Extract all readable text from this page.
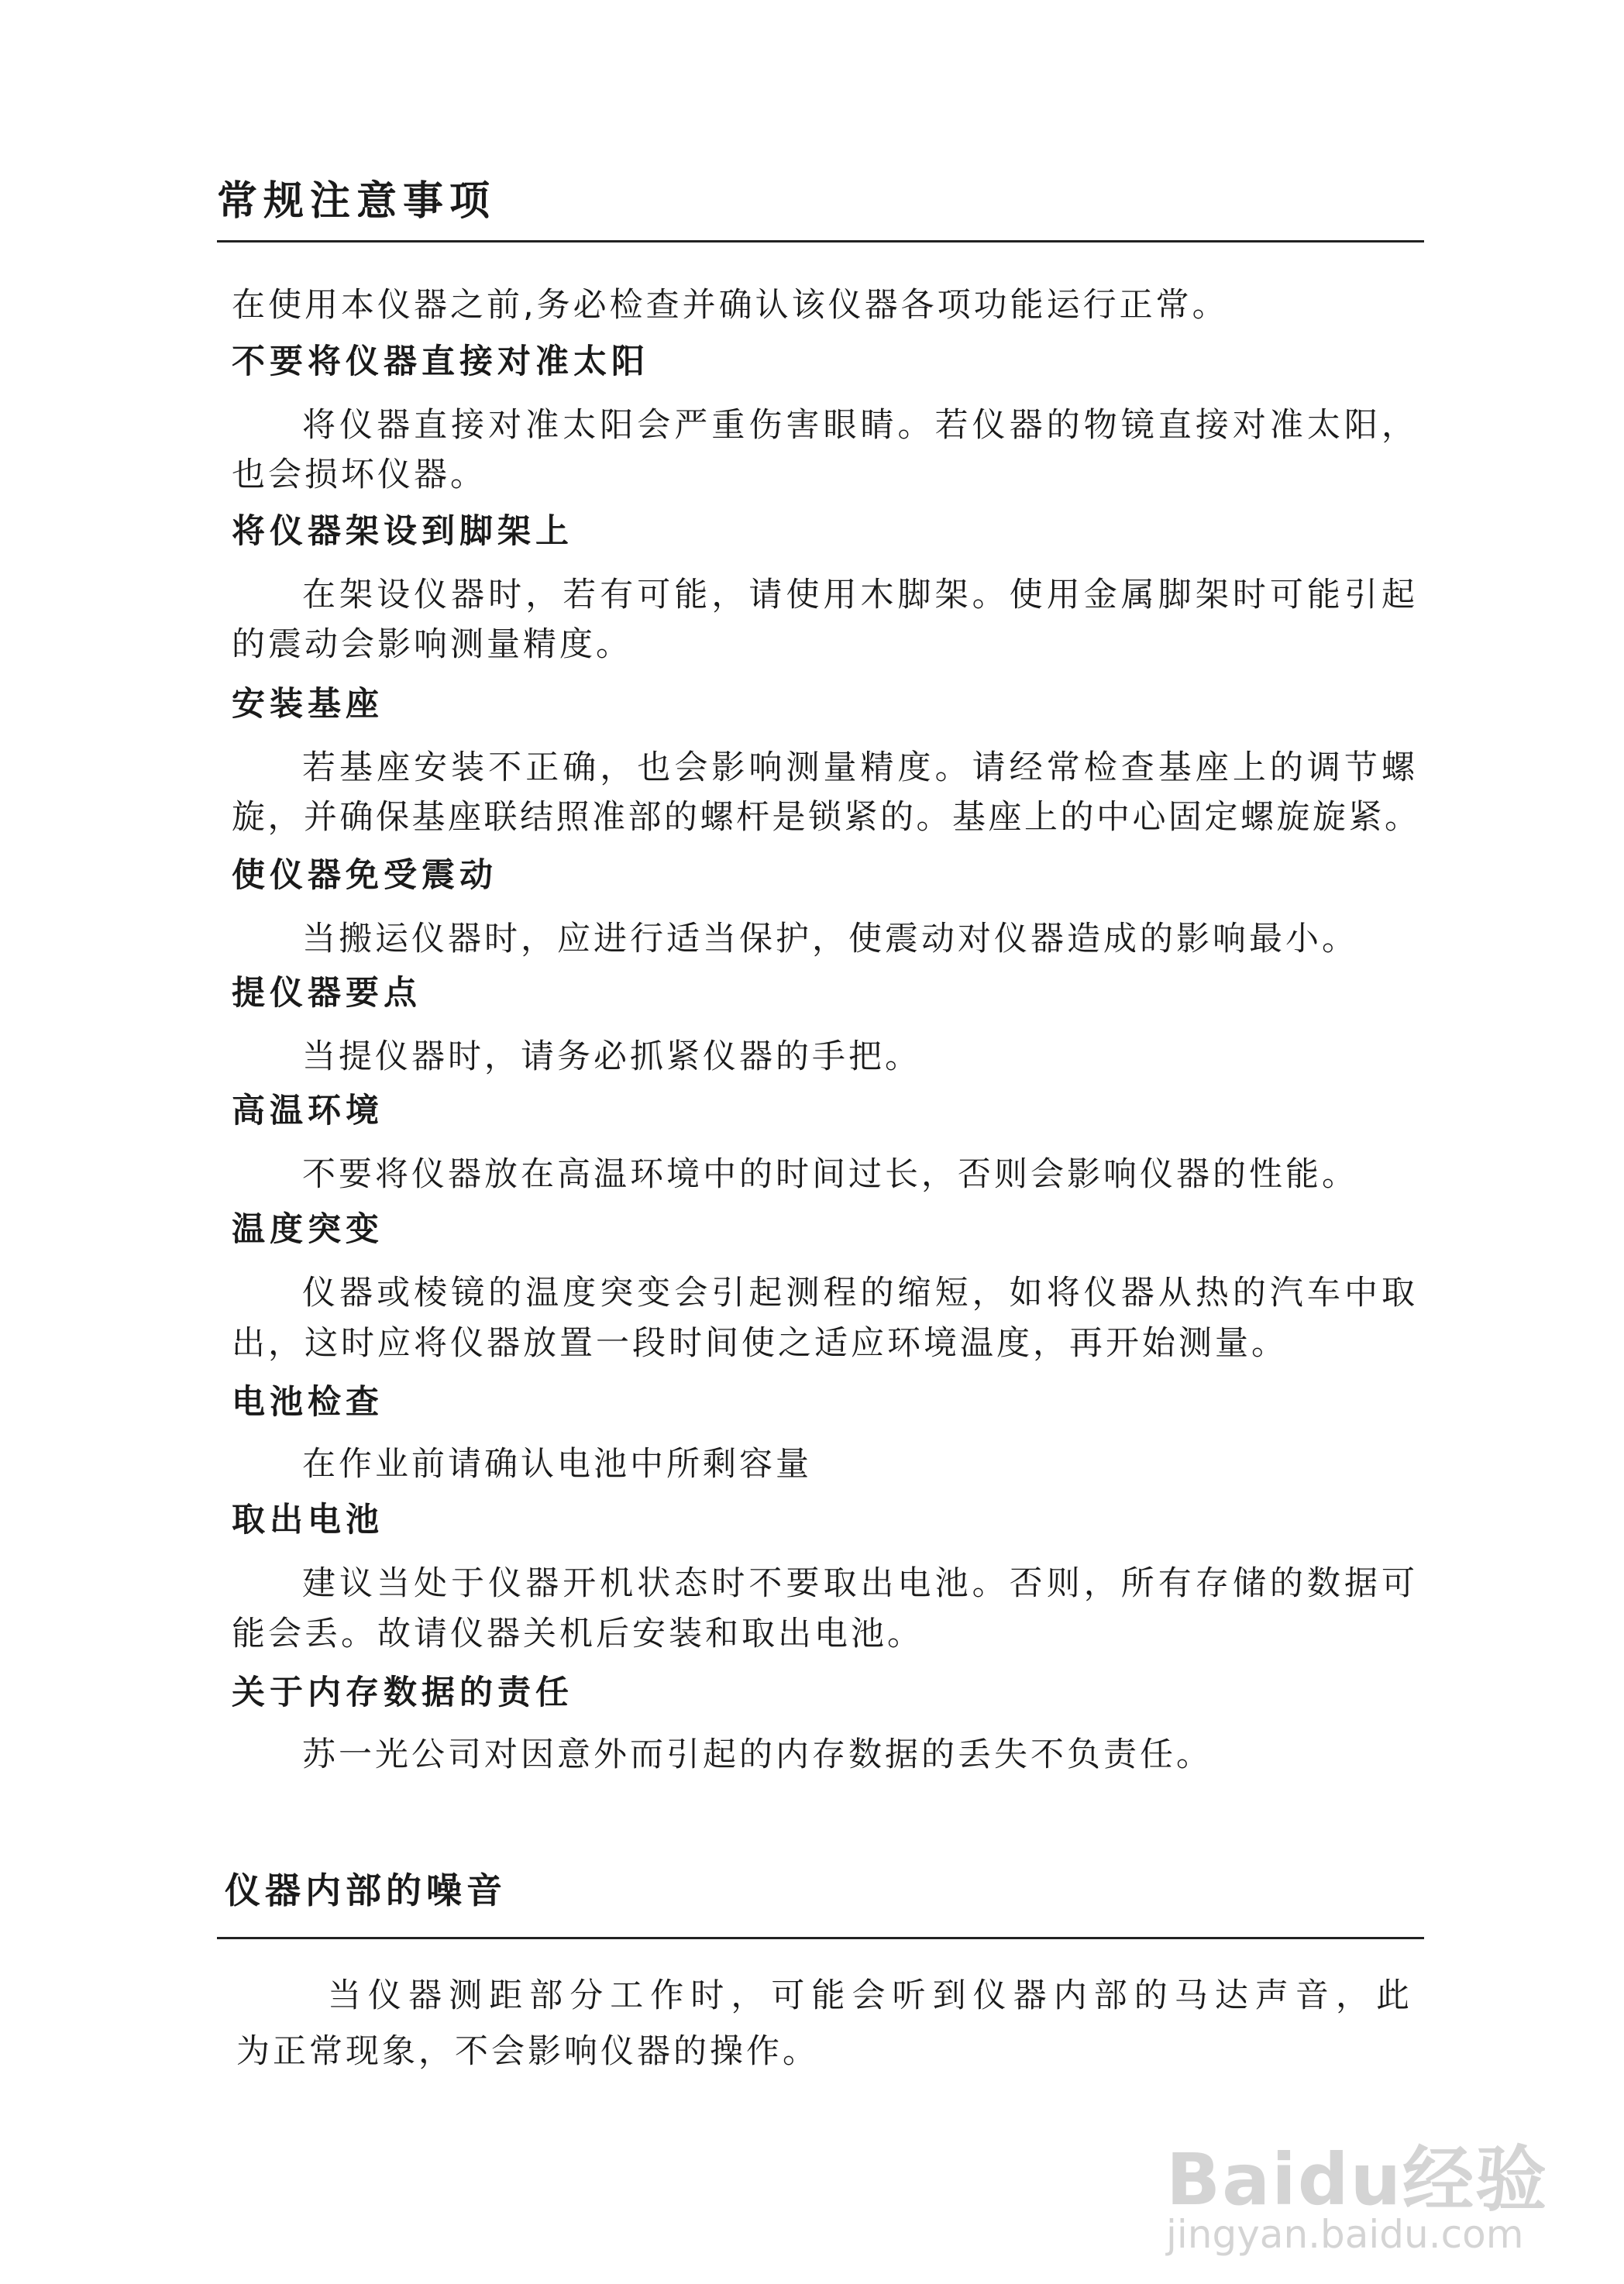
常规注意事项
在使用本仪器之前,务必检查并确认该仪器各项功能运行正常。
不要将仪器直接对准太阳
将仪器直接对准太阳会严重伤害眼睛。若仪器的物镜直接对准太阳，
也会损坏仪器。
将仪器架设到脚架上
在架设仪器时，若有可能，请使用木脚架。使用金属脚架时可能引起
的震动会影响测量精度。
安装基座
若基座安装不正确，也会影响测量精度。请经常检查基座上的调节螺
旋，并确保基座联结照准部的螺杆是锁紧的。基座上的中心固定螺旋旋紧。
使仪器免受震动
当搬运仪器时，应进行适当保护，使震动对仪器造成的影响最小。
提仪器要点
当提仪器时，请务必抓紧仪器的手把。
高温环境
不要将仪器放在高温环境中的时间过长，否则会影响仪器的性能。
温度突变
仪器或棱镜的温度突变会引起测程的缩短，如将仪器从热的汽车中取
出，这时应将仪器放置一段时间使之适应环境温度，再开始测量。
电池检查
在作业前请确认电池中所剩容量
取出电池
建议当处于仪器开机状态时不要取出电池。否则，所有存储的数据可
能会丢。故请仪器关机后安装和取出电池。
关于内存数据的责任
苏一光公司对因意外而引起的内存数据的丢失不负责任。
仪器内部的噪音
当仪器测距部分工作时，可能会听到仪器内部的马达声音，此
为正常现象，不会影响仪器的操作。
Baidu经验
jingyan.baidu.com
